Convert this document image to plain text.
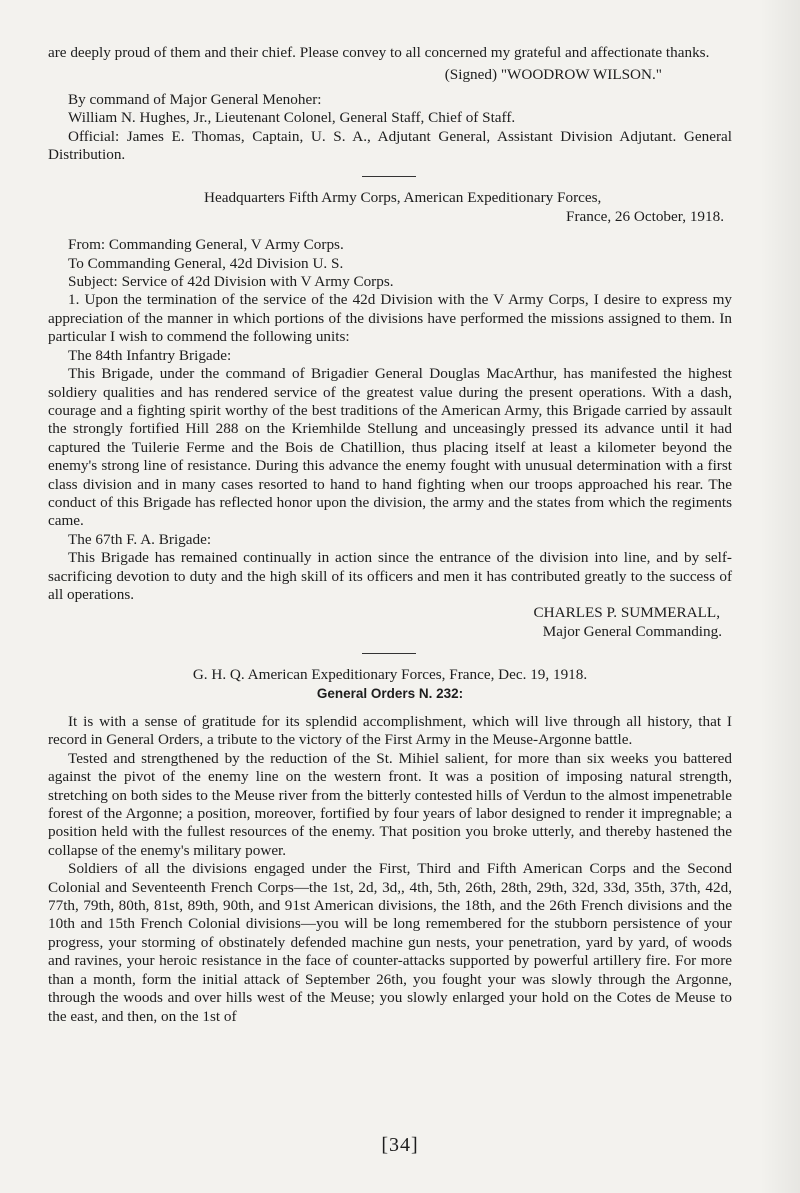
are deeply proud of them and their chief. Please convey to all concerned my grateful and affectionate thanks.

(Signed) "WOODROW WILSON."

By command of Major General Menoher:

William N. Hughes, Jr., Lieutenant Colonel, General Staff, Chief of Staff.

Official: James E. Thomas, Captain, U. S. A., Adjutant General, Assistant Division Adjutant. General Distribution.

Headquarters Fifth Army Corps, American Expeditionary Forces,

France, 26 October, 1918.

From: Commanding General, V Army Corps.

To Commanding General, 42d Division U. S.

Subject: Service of 42d Division with V Army Corps.

1. Upon the termination of the service of the 42d Division with the V Army Corps, I desire to express my appreciation of the manner in which portions of the divisions have performed the missions assigned to them. In particular I wish to commend the following units:

The 84th Infantry Brigade:

This Brigade, under the command of Brigadier General Douglas MacArthur, has manifested the highest soldiery qualities and has rendered service of the greatest value during the present operations. With a dash, courage and a fighting spirit worthy of the best traditions of the American Army, this Brigade carried by assault the strongly fortified Hill 288 on the Kriemhilde Stellung and unceasingly pressed its advance until it had captured the Tuilerie Ferme and the Bois de Chatillion, thus placing itself at least a kilometer beyond the enemy's strong line of resistance. During this advance the enemy fought with unusual determination with a first class division and in many cases resorted to hand to hand fighting when our troops approached his rear. The conduct of this Brigade has reflected honor upon the division, the army and the states from which the regiments came.

The 67th F. A. Brigade:

This Brigade has remained continually in action since the entrance of the division into line, and by self-sacrificing devotion to duty and the high skill of its officers and men it has contributed greatly to the success of all operations.

CHARLES P. SUMMERALL,

Major General Commanding.

G. H. Q. American Expeditionary Forces, France, Dec. 19, 1918.

General Orders N. 232:

It is with a sense of gratitude for its splendid accomplishment, which will live through all history, that I record in General Orders, a tribute to the victory of the First Army in the Meuse-Argonne battle.

Tested and strengthened by the reduction of the St. Mihiel salient, for more than six weeks you battered against the pivot of the enemy line on the western front. It was a position of imposing natural strength, stretching on both sides to the Meuse river from the bitterly contested hills of Verdun to the almost impenetrable forest of the Argonne; a position, moreover, fortified by four years of labor designed to render it impregnable; a position held with the fullest resources of the enemy. That position you broke utterly, and thereby hastened the collapse of the enemy's military power.

Soldiers of all the divisions engaged under the First, Third and Fifth American Corps and the Second Colonial and Seventeenth French Corps—the 1st, 2d, 3d,, 4th, 5th, 26th, 28th, 29th, 32d, 33d, 35th, 37th, 42d, 77th, 79th, 80th, 81st, 89th, 90th, and 91st American divisions, the 18th, and the 26th French divisions and the 10th and 15th French Colonial divisions—you will be long remembered for the stubborn persistence of your progress, your storming of obstinately defended machine gun nests, your penetration, yard by yard, of woods and ravines, your heroic resistance in the face of counter-attacks supported by powerful artillery fire. For more than a month, form the initial attack of September 26th, you fought your was slowly through the Argonne, through the woods and over hills west of the Meuse; you slowly enlarged your hold on the Cotes de Meuse to the east, and then, on the 1st of

[34]
